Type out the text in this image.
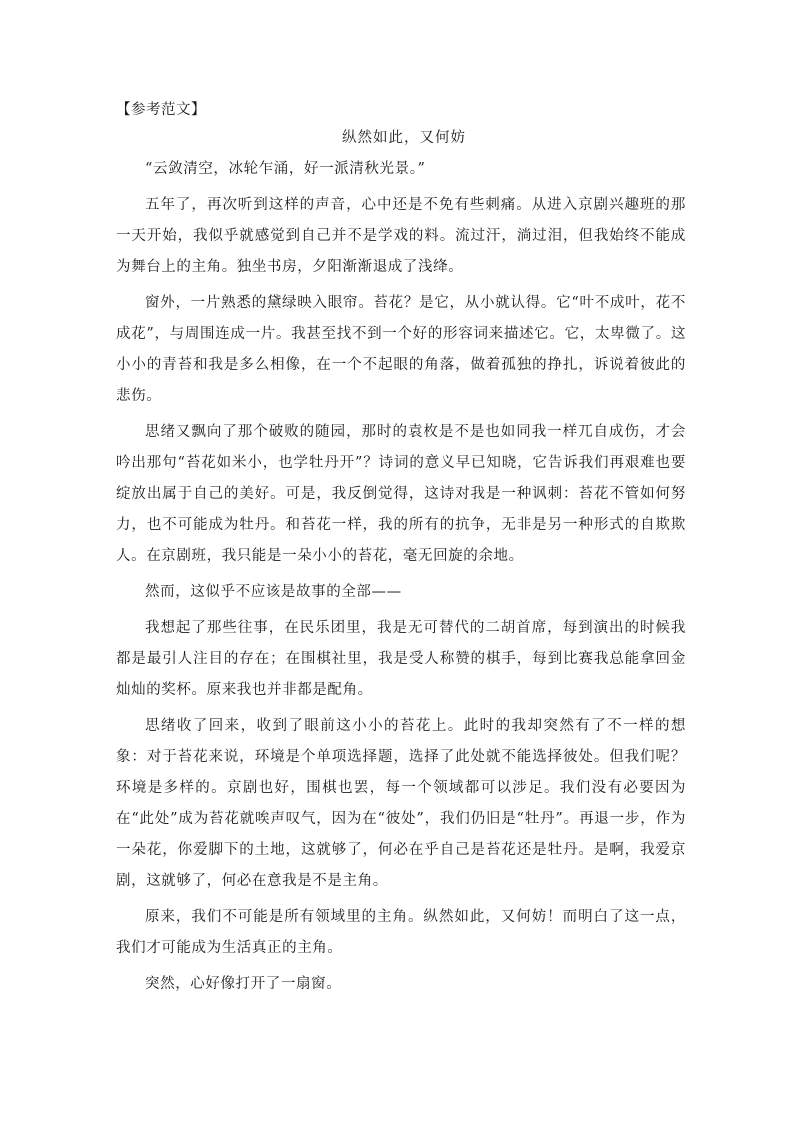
【参考范文】
纵然如此，又何妨

“云敛清空，冰轮乍涌，好一派清秋光景。”

五年了，再次听到这样的声音，心中还是不免有些刺痛。从进入京剧兴趣班的那一天开始，我似乎就感觉到自己并不是学戏的料。流过汗，淌过泪，但我始终不能成为舞台上的主角。独坐书房，夕阳渐渐退成了浅绛。

窗外，一片熟悉的黛绿映入眼帘。苔花？是它，从小就认得。它“叶不成叶，花不成花”，与周围连成一片。我甚至找不到一个好的形容词来描述它。它，太卑微了。这小小的青苔和我是多么相像，在一个不起眼的角落，做着孤独的挣扎，诉说着彼此的悲伤。

思绪又飘向了那个破败的随园，那时的袁枚是不是也如同我一样兀自成伤，才会吟出那句“苔花如米小，也学牡丹开”？诗词的意义早已知晓，它告诉我们再艰难也要绽放出属于自己的美好。可是，我反倒觉得，这诗对我是一种讽刺：苔花不管如何努力，也不可能成为牡丹。和苔花一样，我的所有的抗争，无非是另一种形式的自欺欺人。在京剧班，我只能是一朵小小的苔花，毫无回旋的余地。

然而，这似乎不应该是故事的全部——

我想起了那些往事，在民乐团里，我是无可替代的二胡首席，每到演出的时候我都是最引人注目的存在；在围棋社里，我是受人称赞的棋手，每到比赛我总能拿回金灿灿的奖杯。原来我也并非都是配角。

思绪收了回来，收到了眼前这小小的苔花上。此时的我却突然有了不一样的想象：对于苔花来说，环境是个单项选择题，选择了此处就不能选择彼处。但我们呢？环境是多样的。京剧也好，围棋也罢，每一个领域都可以涉足。我们没有必要因为在“此处”成为苔花就唉声叹气，因为在“彼处”，我们仍旧是“牡丹”。再退一步，作为一朵花，你爱脚下的土地，这就够了，何必在乎自己是苔花还是牡丹。是啊，我爱京剧，这就够了，何必在意我是不是主角。

原来，我们不可能是所有领域里的主角。纵然如此，又何妨！而明白了这一点，我们才可能成为生活真正的主角。

突然，心好像打开了一扇窗。
